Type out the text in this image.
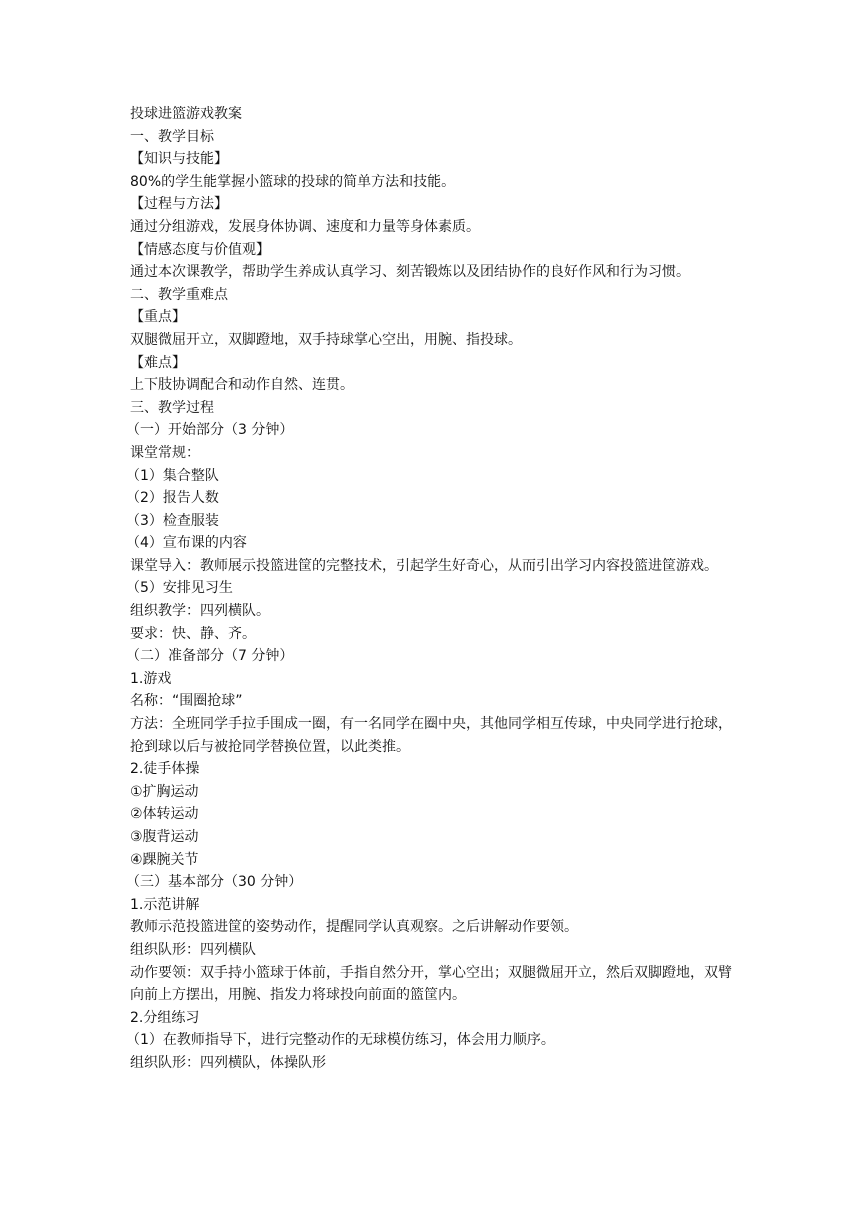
投球进篮游戏教案
一、教学目标
【知识与技能】
80%的学生能掌握小篮球的投球的简单方法和技能。
【过程与方法】
通过分组游戏，发展身体协调、速度和力量等身体素质。
【情感态度与价值观】
通过本次课教学，帮助学生养成认真学习、刻苦锻炼以及团结协作的良好作风和行为习惯。
二、教学重难点
【重点】
双腿微屈开立，双脚蹬地，双手持球掌心空出，用腕、指投球。
【难点】
上下肢协调配合和动作自然、连贯。
三、教学过程
（一）开始部分（3 分钟）
课堂常规：
（1）集合整队
（2）报告人数
（3）检查服装
（4）宣布课的内容
课堂导入：教师展示投篮进筐的完整技术，引起学生好奇心，从而引出学习内容投篮进筐游戏。
（5）安排见习生
组织教学：四列横队。
要求：快、静、齐。
（二）准备部分（7 分钟）
1.游戏
名称：“围圈抢球”
方法：全班同学手拉手围成一圈，有一名同学在圈中央，其他同学相互传球，中央同学进行抢球，抢到球以后与被抢同学替换位置，以此类推。
2.徒手体操
①扩胸运动
②体转运动
③腹背运动
④踝腕关节
（三）基本部分（30 分钟）
1.示范讲解
教师示范投篮进筐的姿势动作，提醒同学认真观察。之后讲解动作要领。
组织队形：四列横队
动作要领：双手持小篮球于体前，手指自然分开，掌心空出；双腿微屈开立，然后双脚蹬地，双臂向前上方摆出，用腕、指发力将球投向前面的篮筐内。
2.分组练习
（1）在教师指导下，进行完整动作的无球模仿练习，体会用力顺序。
组织队形：四列横队，体操队形
